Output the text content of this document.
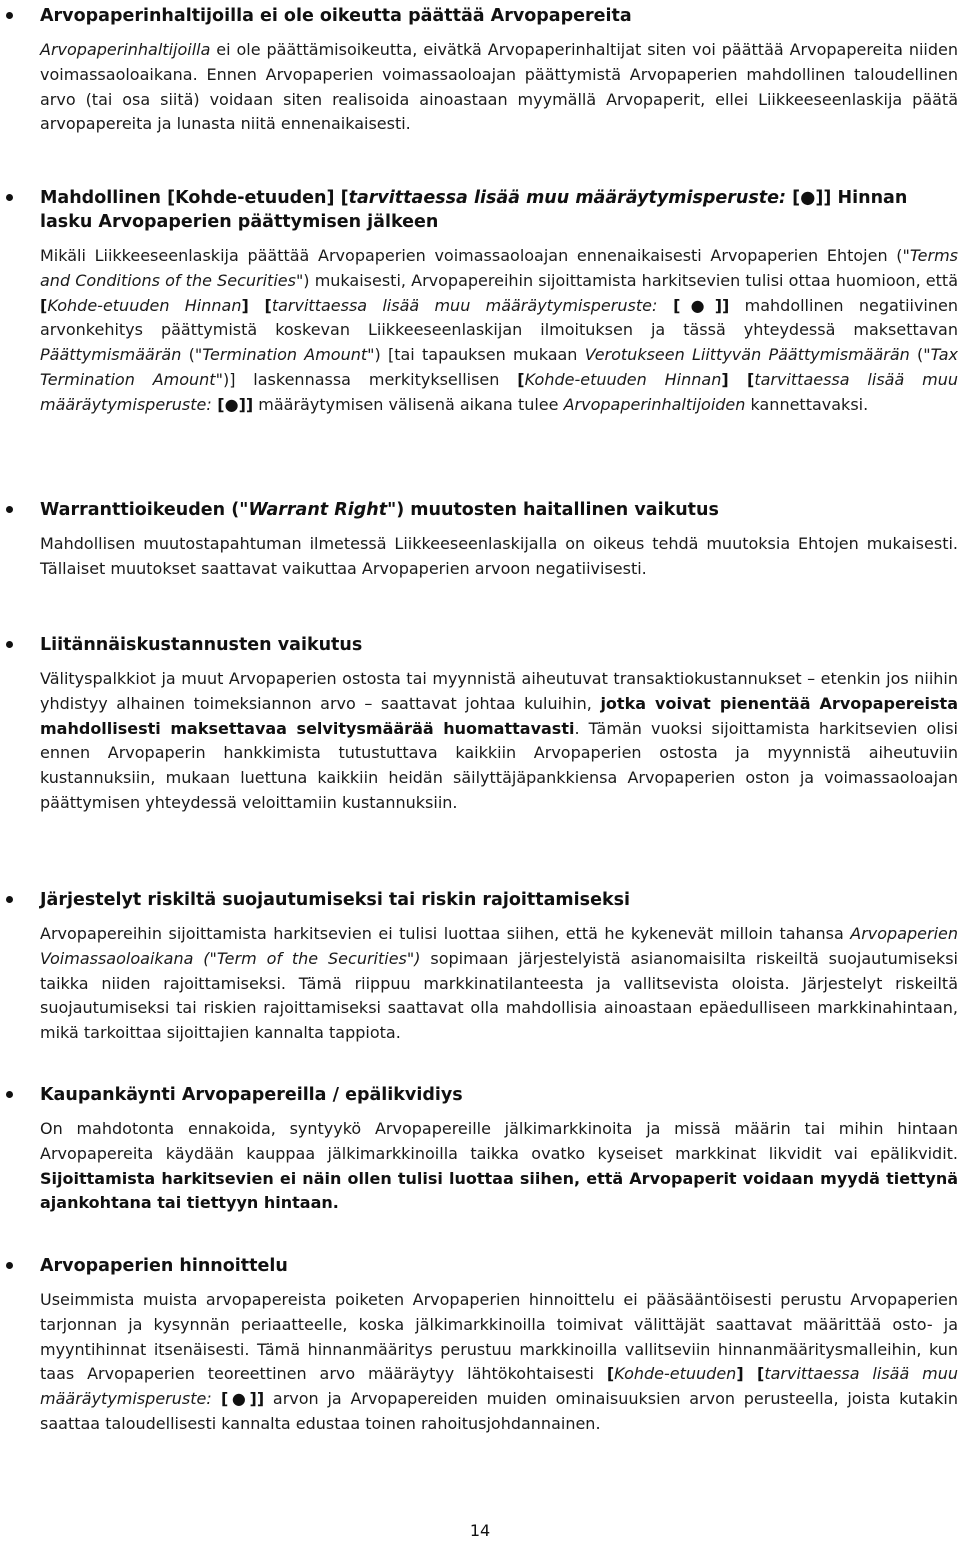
Arvopaperinhaltijoilla ei ole oikeutta päättää Arvopapereita
Arvopaperinhaltijoilla ei ole päättämisoikeutta, eivätkä Arvopaperinhaltijat siten voi päättää Arvopapereita niiden voimassaoloaikana. Ennen Arvopaperien voimassaoloajan päättymistä Arvopaperien mahdollinen taloudellinen arvo (tai osa siitä) voidaan siten realisoida ainoastaan myymällä Arvopaperit, ellei Liikkeeseenlaskija päätä arvopapereita ja lunasta niitä ennenaikaisesti.
Mahdollinen [Kohde-etuuden] [tarvittaessa lisää muu määräytymisperuste: [●]] Hinnan lasku Arvopaperien päättymisen jälkeen
Mikäli Liikkeeseenlaskija päättää Arvopaperien voimassaoloajan ennenaikaisesti Arvopaperien Ehtojen ("Terms and Conditions of the Securities") mukaisesti, Arvopapereihin sijoittamista harkitsevien tulisi ottaa huomioon, että [Kohde-etuuden Hinnan] [tarvittaessa lisää muu määräytymisperuste: [●]] mahdollinen negatiivinen arvonkehitys päättymistä koskevan Liikkeeseenlaskijan ilmoituksen ja tässä yhteydessä maksettavan Päättymismäärän ("Termination Amount") [tai tapauksen mukaan Verotukseen Liittyvän Päättymismäärän ("Tax Termination Amount")] laskennassa merkityksellisen [Kohde-etuuden Hinnan] [tarvittaessa lisää muu määräytymisperuste: [●]] määräytymisen välisenä aikana tulee Arvopaperinhaltijoiden kannettavaksi.
Warranttioikeuden ("Warrant Right") muutosten haitallinen vaikutus
Mahdollisen muutostapahtuman ilmetessä Liikkeeseenlaskijalla on oikeus tehdä muutoksia Ehtojen mukaisesti. Tällaiset muutokset saattavat vaikuttaa Arvopaperien arvoon negatiivisesti.
Liitännäiskustannusten vaikutus
Välityspalkkiot ja muut Arvopaperien ostosta tai myynnistä aiheutuvat transaktiokustannukset – etenkin jos niihin yhdistyy alhainen toimeksiannon arvo – saattavat johtaa kuluihin, jotka voivat pienentää Arvopapereista mahdollisesti maksettavaa selvitysmäärää huomattavasti. Tämän vuoksi sijoittamista harkitsevien olisi ennen Arvopaperin hankkimista tutustuttava kaikkiin Arvopaperien ostosta ja myynnistä aiheutuviin kustannuksiin, mukaan luettuna kaikkiin heidän säilyttäjäpankkiensa Arvopaperien oston ja voimassaoloajan päättymisen yhteydessä veloittamiin kustannuksiin.
Järjestelyt riskiltä suojautumiseksi tai riskin rajoittamiseksi
Arvopapereihin sijoittamista harkitsevien ei tulisi luottaa siihen, että he kykenevät milloin tahansa Arvopaperien Voimassaoloaikana ("Term of the Securities") sopimaan järjestelyistä asianomaisilta riskeiltä suojautumiseksi taikka niiden rajoittamiseksi. Tämä riippuu markkinatilanteesta ja vallitsevista oloista. Järjestelyt riskeiltä suojautumiseksi tai riskien rajoittamiseksi saattavat olla mahdollisia ainoastaan epäedulliseen markkinahintaan, mikä tarkoittaa sijoittajien kannalta tappiota.
Kaupankäynti Arvopapereilla / epälikvidiys
On mahdotonta ennakoida, syntyykö Arvopapereille jälkimarkkinoita ja missä määrin tai mihin hintaan Arvopapereita käydään kauppaa jälkimarkkinoilla taikka ovatko kyseiset markkinat likvidit vai epälikvidit. Sijoittamista harkitsevien ei näin ollen tulisi luottaa siihen, että Arvopaperit voidaan myydä tiettynä ajankohtana tai tiettyyn hintaan.
Arvopaperien hinnoittelu
Useimmista muista arvopapereista poiketen Arvopaperien hinnoittelu ei pääsääntöisesti perustu Arvopaperien tarjonnan ja kysynnän periaatteelle, koska jälkimarkkinoilla toimivat välittäjät saattavat määrittää osto- ja myyntihinnat itsenäisesti. Tämä hinnanmääritys perustuu markkinoilla vallitseviin hinnanmääritysmalleihin, kun taas Arvopaperien teoreettinen arvo määräytyy lähtökohtaisesti [Kohde-etuuden] [tarvittaessa lisää muu määräytymisperuste: [●]] arvon ja Arvopapereiden muiden ominaisuuksien arvon perusteella, joista kutakin saattaa taloudellisesti kannalta edustaa toinen rahoitusjohdannainen.
14
